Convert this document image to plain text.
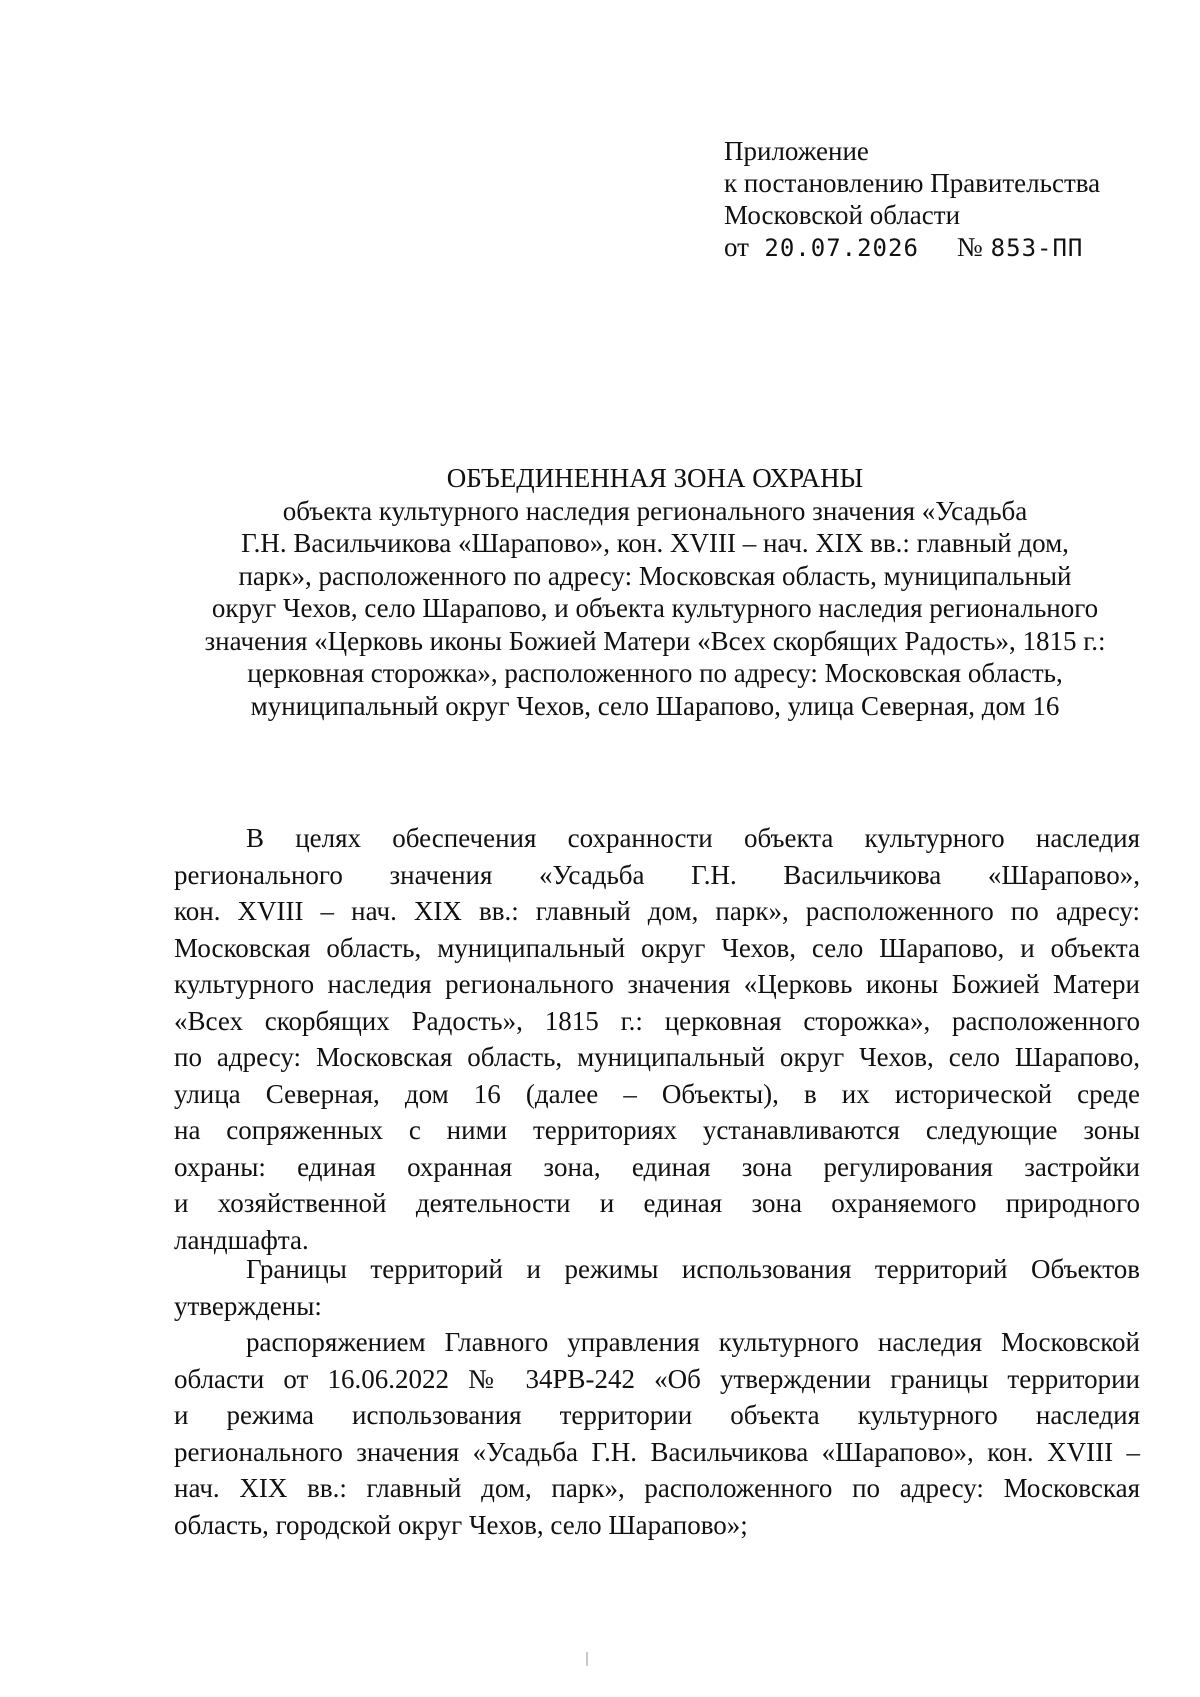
Приложение
к постановлению Правительства
Московской области
от 20.07.2026 № 853-ПП
ОБЪЕДИНЕННАЯ ЗОНА ОХРАНЫ
объекта культурного наследия регионального значения «Усадьба
Г.Н. Васильчикова «Шарапово», кон. XVIII – нач. XIX вв.: главный дом,
парк», расположенного по адресу: Московская область, муниципальный
округ Чехов, село Шарапово, и объекта культурного наследия регионального
значения «Церковь иконы Божией Матери «Всех скорбящих Радость», 1815 г.:
церковная сторожка», расположенного по адресу: Московская область,
муниципальный округ Чехов, село Шарапово, улица Северная, дом 16
В целях обеспечения сохранности объекта культурного наследия
регионального значения «Усадьба Г.Н. Васильчикова «Шарапово»,
кон. XVIII – нач. XIX вв.: главный дом, парк», расположенного по адресу:
Московская область, муниципальный округ Чехов, село Шарапово, и объекта
культурного наследия регионального значения «Церковь иконы Божией Матери
«Всех скорбящих Радость», 1815 г.: церковная сторожка», расположенного
по адресу: Московская область, муниципальный округ Чехов, село Шарапово,
улица Северная, дом 16 (далее – Объекты), в их исторической среде
на сопряженных с ними территориях устанавливаются следующие зоны
охраны: единая охранная зона, единая зона регулирования застройки
и хозяйственной деятельности и единая зона охраняемого природного
ландшафта.
Границы территорий и режимы использования территорий Объектов
утверждены:
распоряжением Главного управления культурного наследия Московской
области от 16.06.2022 № 34РВ-242 «Об утверждении границы территории
и режима использования территории объекта культурного наследия
регионального значения «Усадьба Г.Н. Васильчикова «Шарапово», кон. XVIII –
нач. XIX вв.: главный дом, парк», расположенного по адресу: Московская
область, городской округ Чехов, село Шарапово»;
